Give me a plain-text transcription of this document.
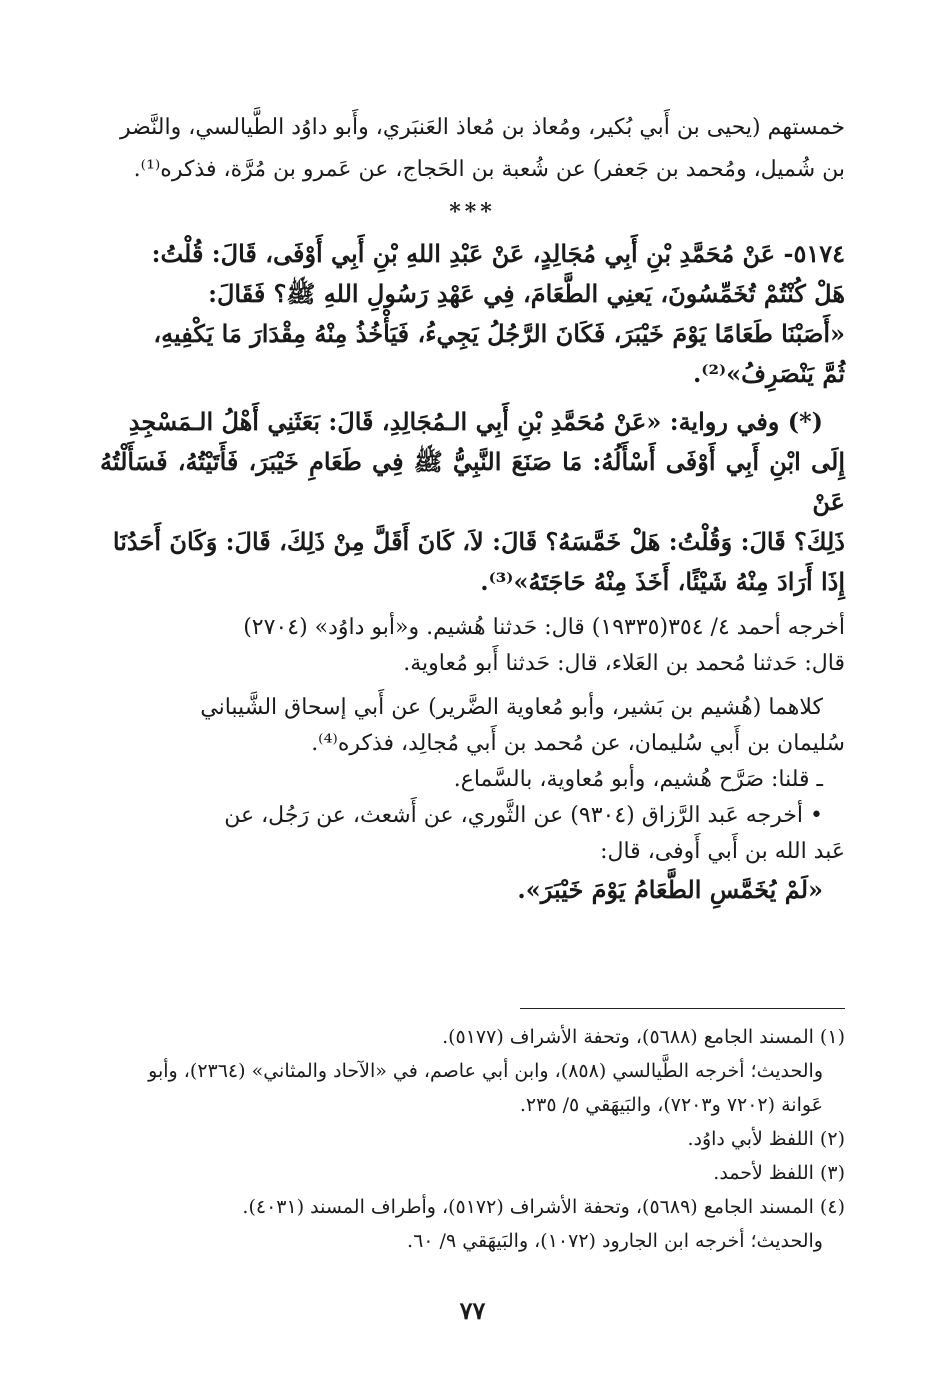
خمستهم (يحيى بن أَبي بُكير، ومُعاذ بن مُعاذ العَنبَري، وأَبو داوُد الطَّيالسي، والنَّضر

بن شُميل، ومُحمد بن جَعفر) عن شُعبة بن الحَجاج، عن عَمرو بن مُرَّة، فذكره⁽¹⁾.

***

٥١٧٤- عَنْ مُحَمَّدِ بْنِ أَبِي مُجَالِدٍ، عَنْ عَبْدِ اللهِ بْنِ أَبِي أَوْفَى، قَالَ: قُلْتُ:

هَلْ كُنْتُمْ تُخَمِّسُونَ، يَعنِي الطَّعَامَ، فِي عَهْدِ رَسُولِ اللهِ ﷺ؟ فَقَالَ:

«أَصَبْنَا طَعَامًا يَوْمَ خَيْبَرَ، فَكَانَ الرَّجُلُ يَجِيءُ، فَيَأْخُذُ مِنْهُ مِقْدَارَ مَا يَكْفِيهِ،

ثُمَّ يَنْصَرِفُ»⁽²⁾.

(*) وفي رواية: «عَنْ مُحَمَّدِ بْنِ أَبِي الـمُجَالِدِ، قَالَ: بَعَثَنِي أَهْلُ الـمَسْجِدِ

إِلَى ابْنِ أَبِي أَوْفَى أَسْأَلُهُ: مَا صَنَعَ النَّبِيُّ ﷺ فِي طَعَامِ خَيْبَرَ، فَأَتَيْتُهُ، فَسَأَلْتُهُ عَنْ

ذَلِكَ؟ قَالَ: وَقُلْتُ: هَلْ خَمَّسَهُ؟ قَالَ: لاَ، كَانَ أَقَلَّ مِنْ ذَلِكَ، قَالَ: وَكَانَ أَحَدُنَا

إِذَا أَرَادَ مِنْهُ شَيْئًا، أَخَذَ مِنْهُ حَاجَتَهُ»⁽³⁾.

أخرجه أحمد ٤/ ٣٥٤(١٩٣٣٥) قال: حَدثنا هُشيم. و«أبو داوُد» (٢٧٠٤)

قال: حَدثنا مُحمد بن العَلاء، قال: حَدثنا أَبو مُعاوية.

كلاهما (هُشيم بن بَشير، وأبو مُعاوية الضَّرير) عن أَبي إسحاق الشَّيباني

سُليمان بن أَبي سُليمان، عن مُحمد بن أَبي مُجالِد، فذكره⁽⁴⁾.

ـ قلنا: صَرَّح هُشيم، وأبو مُعاوية، بالسَّماع.

• أخرجه عَبد الرَّزاق (٩٣٠٤) عن الثَّوري، عن أَشعث، عن رَجُل، عن

عَبد الله بن أَبي أَوفى، قال:

«لَمْ يُخَمَّسِ الطَّعَامُ يَوْمَ خَيْبَرَ».

(١) المسند الجامع (٥٦٨٨)، وتحفة الأشراف (٥١٧٧).

والحديث؛ أخرجه الطَّيالسي (٨٥٨)، وابن أبي عاصم، في «الآحاد والمثاني» (٢٣٦٤)، وأبو

عَوانة (٧٢٠٢ و٧٢٠٣)، والبَيهَقي ٥/ ٢٣٥.

(٢) اللفظ لأبي داوُد.

(٣) اللفظ لأحمد.

(٤) المسند الجامع (٥٦٨٩)، وتحفة الأشراف (٥١٧٢)، وأطراف المسند (٤٠٣١).

والحديث؛ أخرجه ابن الجارود (١٠٧٢)، والبَيهَقي ٩/ ٦٠.

٧٧
